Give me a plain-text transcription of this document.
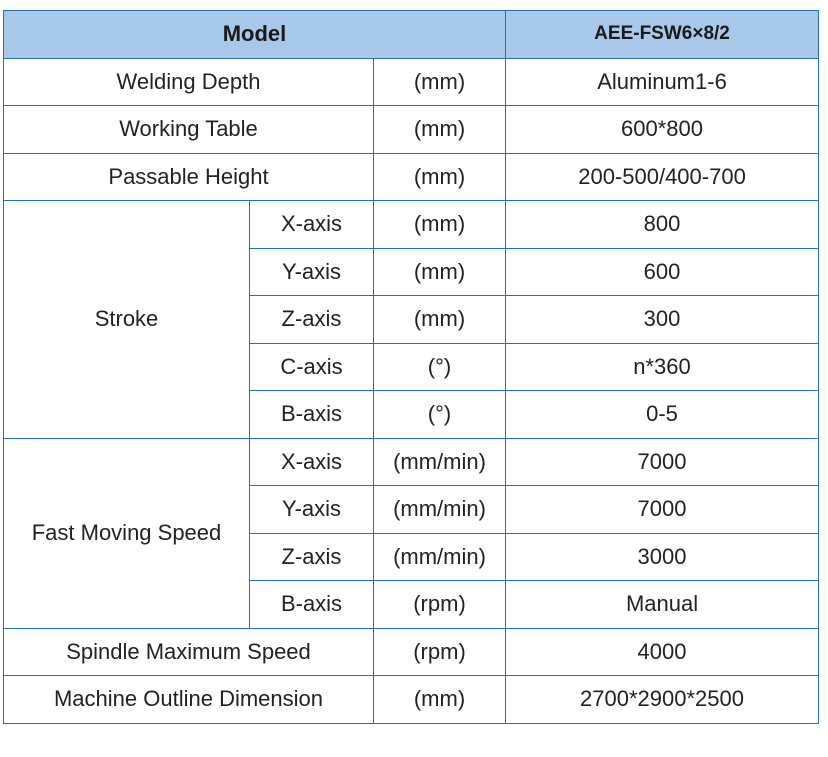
Model			AEE-FSW6×8/2
Welding Depth		(mm)	Aluminum1-6
Working Table		(mm)	600*800
Passable Height		(mm)	200-500/400-700
Stroke	X-axis	(mm)	800
	Y-axis	(mm)	600
	Z-axis	(mm)	300
	C-axis	(°)	n*360
	B-axis	(°)	0-5
Fast Moving Speed	X-axis	(mm/min)	7000
	Y-axis	(mm/min)	7000
	Z-axis	(mm/min)	3000
	B-axis	(rpm)	Manual
Spindle Maximum Speed		(rpm)	4000
Machine Outline Dimension		(mm)	2700*2900*2500
